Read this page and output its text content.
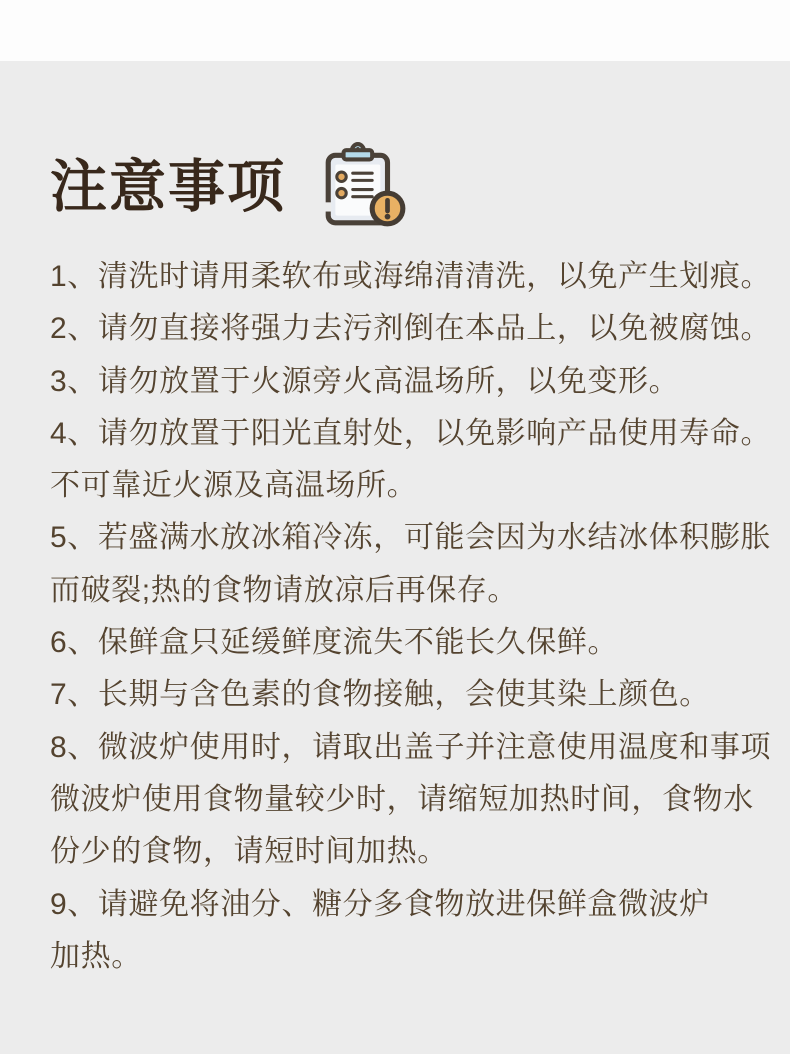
注意事项
1、清洗时请用柔软布或海绵清清洗，以免产生划痕。
2、请勿直接将强力去污剂倒在本品上，以免被腐蚀。
3、请勿放置于火源旁火高温场所，以免变形。
4、请勿放置于阳光直射处，以免影响产品使用寿命。
不可靠近火源及高温场所。
5、若盛满水放冰箱冷冻，可能会因为水结冰体积膨胀
而破裂;热的食物请放凉后再保存。
6、保鲜盒只延缓鲜度流失不能长久保鲜。
7、长期与含色素的食物接触，会使其染上颜色。
8、微波炉使用时，请取出盖子并注意使用温度和事项
微波炉使用食物量较少时，请缩短加热时间，食物水
份少的食物，请短时间加热。
9、请避免将油分、糖分多食物放进保鲜盒微波炉
加热。
